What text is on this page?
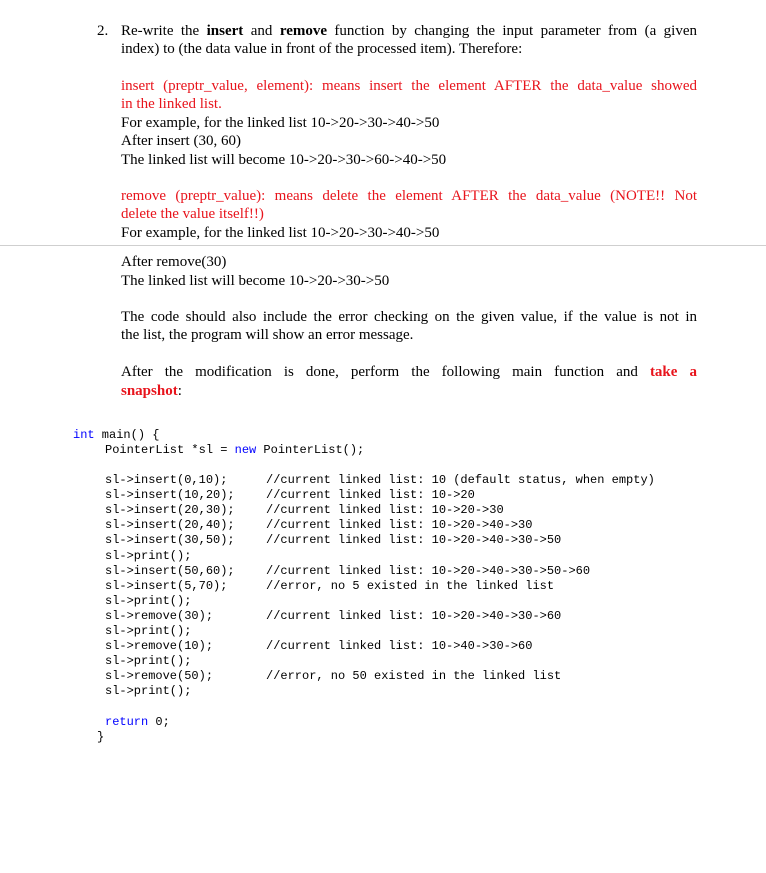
2. Re-write the insert and remove function by changing the input parameter from (a given
index) to (the data value in front of the processed item). Therefore:
insert (preptr_value, element): means insert the element AFTER the data_value showed
in the linked list.
For example, for the linked list 10->20->30->40->50
After insert (30, 60)
The linked list will become 10->20->30->60->40->50
remove (preptr_value): means delete the element AFTER the data_value (NOTE!! Not
delete the value itself!!)
For example, for the linked list 10->20->30->40->50
After remove(30)
The linked list will become 10->20->30->50
The code should also include the error checking on the given value, if the value is not in
the list, the program will show an error message.
After the modification is done, perform the following main function and take a
snapshot:
int main() {
PointerList *sl = new PointerList();
sl->insert(0,10);	//current linked list: 10 (default status, when empty)
sl->insert(10,20);	//current linked list: 10->20
sl->insert(20,30);	//current linked list: 10->20->30
sl->insert(20,40);	//current linked list: 10->20->40->30
sl->insert(30,50);	//current linked list: 10->20->40->30->50
sl->print();
sl->insert(50,60);	//current linked list: 10->20->40->30->50->60
sl->insert(5,70);	//error, no 5 existed in the linked list
sl->print();
sl->remove(30);	//current linked list: 10->20->40->30->60
sl->print();
sl->remove(10);	//current linked list: 10->40->30->60
sl->print();
sl->remove(50);	//error, no 50 existed in the linked list
sl->print();
return 0;
}
